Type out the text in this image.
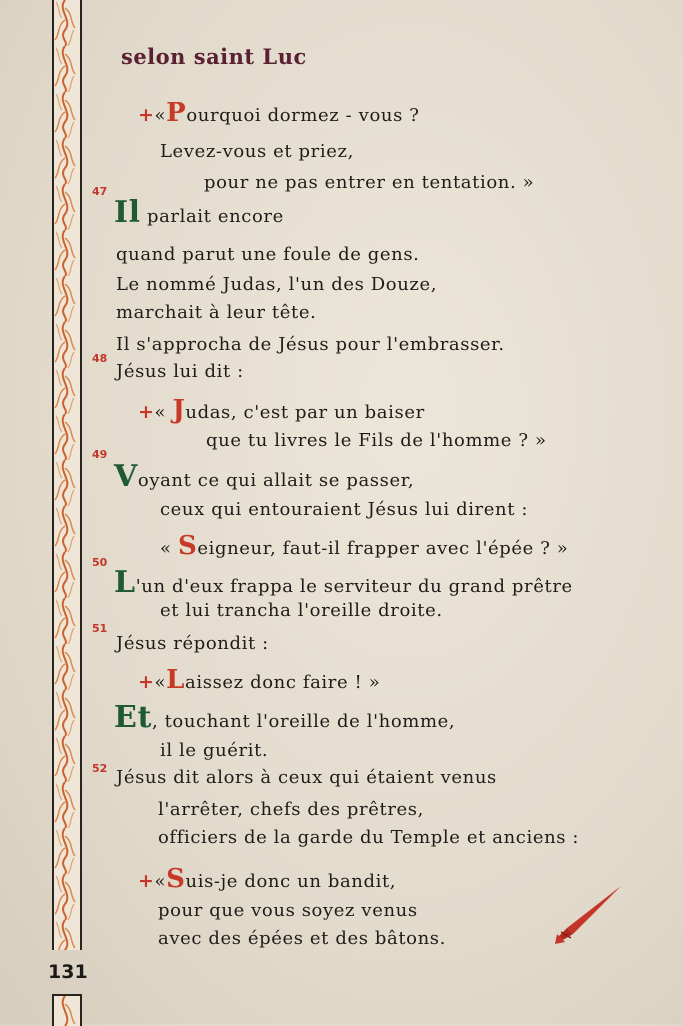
131
selon saint Luc
+«Pourquoi dormez - vous ?
Levez-vous et priez,
pour ne pas entrer en tentation. »
47
Il parlait encore
quand parut une foule de gens.
Le nommé Judas, l'un des Douze,
marchait à leur tête.
Il s'approcha de Jésus pour l'embrasser.
48
Jésus lui dit :
+« Judas, c'est par un baiser
que tu livres le Fils de l'homme ? »
49
Voyant ce qui allait se passer,
ceux qui entouraient Jésus lui dirent :
« Seigneur, faut-il frapper avec l'épée ? »
50
L'un d'eux frappa le serviteur du grand prêtre
et lui trancha l'oreille droite.
51
Jésus répondit :
+«Laissez donc faire ! »
Et, touchant l'oreille de l'homme,
il le guérit.
52 Jésus dit alors à ceux qui étaient venus
l'arrêter, chefs des prêtres,
officiers de la garde du Temple et anciens :
+«Suis-je donc un bandit,
pour que vous soyez venus
avec des épées et des bâtons.
